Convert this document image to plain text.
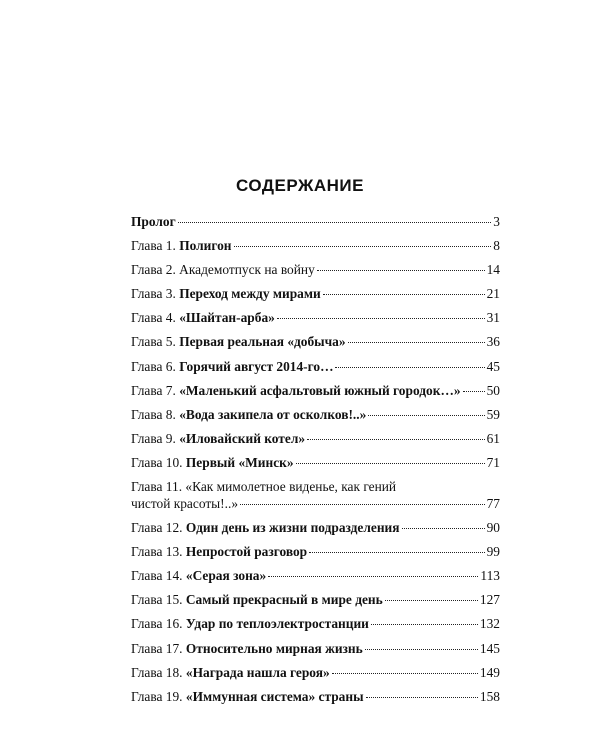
СОДЕРЖАНИЕ
Пролог	3
Глава 1. Полигон	8
Глава 2. Академотпуск на войну	14
Глава 3. Переход между мирами	21
Глава 4. «Шайтан-арба»	31
Глава 5. Первая реальная «добыча»	36
Глава 6. Горячий август 2014-го…	45
Глава 7. «Маленький асфальтовый южный городок…» 50
Глава 8. «Вода закипела от осколков!..»	59
Глава 9. «Иловайский котел»	61
Глава 10. Первый «Минск»	71
Глава 11. «Как мимолетное виденье, как гений
чистой красоты!..»	77
Глава 12. Один день из жизни подразделения	90
Глава 13. Непростой разговор	99
Глава 14. «Серая зона»	113
Глава 15. Самый прекрасный в мире день	127
Глава 16. Удар по теплоэлектростанции	132
Глава 17. Относительно мирная жизнь	145
Глава 18. «Награда нашла героя»	149
Глава 19. «Иммунная система» страны	158
